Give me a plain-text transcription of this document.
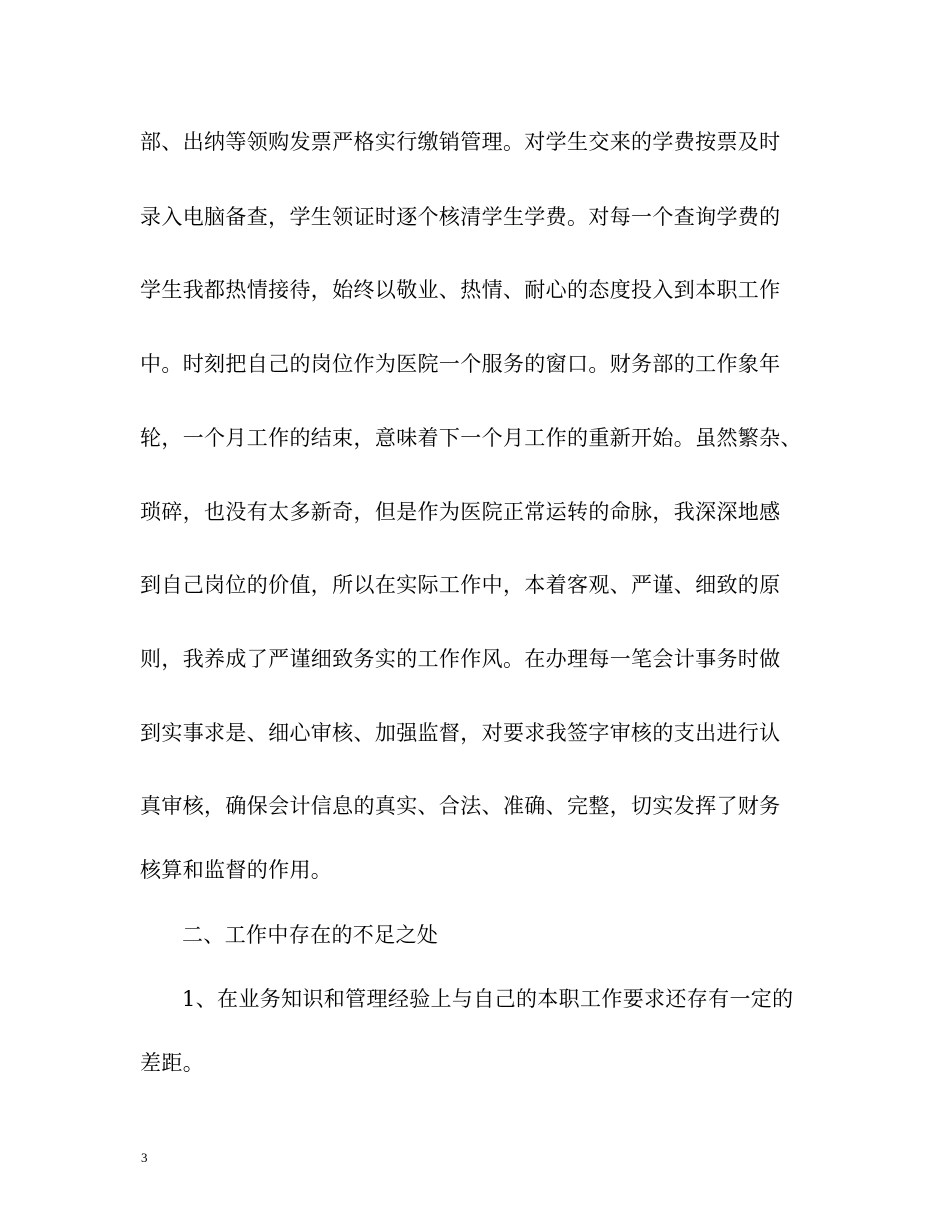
部、出纳等领购发票严格实行缴销管理。对学生交来的学费按票及时
录入电脑备查，学生领证时逐个核清学生学费。对每一个查询学费的
学生我都热情接待，始终以敬业、热情、耐心的态度投入到本职工作
中。时刻把自己的岗位作为医院一个服务的窗口。财务部的工作象年
轮，一个月工作的结束，意味着下一个月工作的重新开始。虽然繁杂、
琐碎，也没有太多新奇，但是作为医院正常运转的命脉，我深深地感
到自己岗位的价值，所以在实际工作中，本着客观、严谨、细致的原
则，我养成了严谨细致务实的工作作风。在办理每一笔会计事务时做
到实事求是、细心审核、加强监督，对要求我签字审核的支出进行认
真审核，确保会计信息的真实、合法、准确、完整，切实发挥了财务
核算和监督的作用。
二、工作中存在的不足之处
1、在业务知识和管理经验上与自己的本职工作要求还存有一定的
差距。
3
